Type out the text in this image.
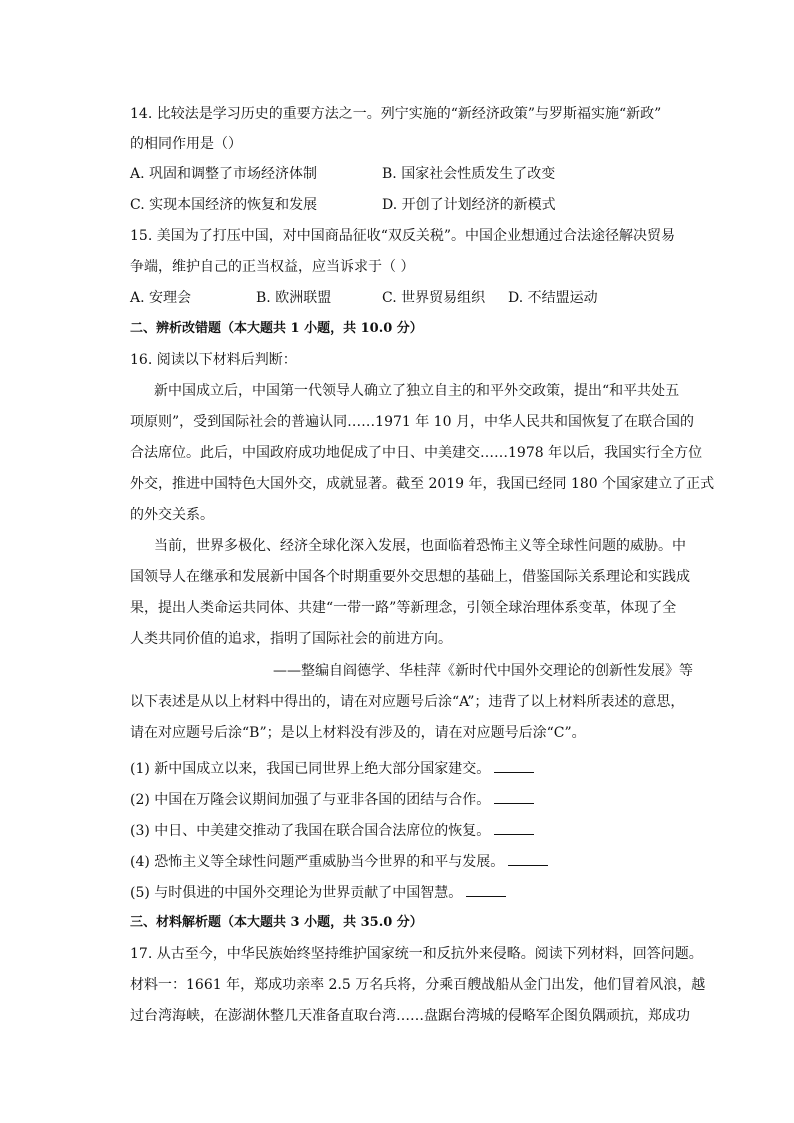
14. 比较法是学习历史的重要方法之一。列宁实施的“新经济政策”与罗斯福实施“新政”
的相同作用是（）
A. 巩固和调整了市场经济体制	B. 国家社会性质发生了改变
C. 实现本国经济的恢复和发展	D. 开创了计划经济的新模式
15. 美国为了打压中国，对中国商品征收“双反关税”。中国企业想通过合法途径解决贸易
争端，维护自己的正当权益，应当诉求于（ ）
A. 安理会	B. 欧洲联盟	C. 世界贸易组织 D. 不结盟运动
二、辨析改错题（本大题共 1 小题，共 10.0 分）
16. 阅读以下材料后判断：
新中国成立后，中国第一代领导人确立了独立自主的和平外交政策，提出“和平共处五
项原则”，受到国际社会的普遍认同……1971 年 10 月，中华人民共和国恢复了在联合国的
合法席位。此后，中国政府成功地促成了中日、中美建交……1978 年以后，我国实行全方位
外交，推进中国特色大国外交，成就显著。截至 2019 年，我国已经同 180 个国家建立了正式
的外交关系。
当前，世界多极化、经济全球化深入发展，也面临着恐怖主义等全球性问题的威胁。中
国领导人在继承和发展新中国各个时期重要外交思想的基础上，借鉴国际关系理论和实践成
果，提出人类命运共同体、共建“一带一路”等新理念，引领全球治理体系变革，体现了全
人类共同价值的追求，指明了国际社会的前进方向。
——整编自阎德学、华桂萍《新时代中国外交理论的创新性发展》等
以下表述是从以上材料中得出的，请在对应题号后涂“A”；违背了以上材料所表述的意思，
请在对应题号后涂“B”；是以上材料没有涉及的，请在对应题号后涂“C”。
(1) 新中国成立以来，我国已同世界上绝大部分国家建交。
(2) 中国在万隆会议期间加强了与亚非各国的团结与合作。
(3) 中日、中美建交推动了我国在联合国合法席位的恢复。
(4) 恐怖主义等全球性问题严重威胁当今世界的和平与发展。
(5) 与时俱进的中国外交理论为世界贡献了中国智慧。
三、材料解析题（本大题共 3 小题，共 35.0 分）
17. 从古至今，中华民族始终坚持维护国家统一和反抗外来侵略。阅读下列材料，回答问题。
材料一：1661 年，郑成功亲率 2.5 万名兵将，分乘百艘战船从金门出发，他们冒着风浪，越
过台湾海峡，在澎湖休整几天准备直取台湾……盘踞台湾城的侵略军企图负隅顽抗，郑成功
